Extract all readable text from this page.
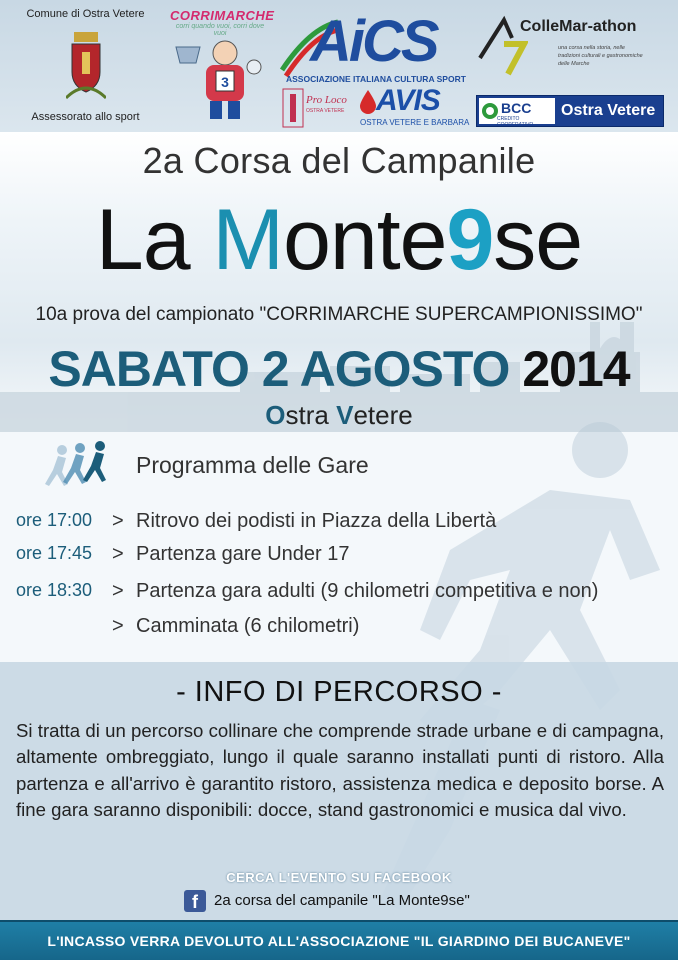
Comune di Ostra Vetere
Assessorato allo sport
CORRIMARCHE
corri quando vuoi, corri dove vuoi
3
AiCS
ASSOCIAZIONE ITALIANA CULTURA SPORT
Pro Loco
OSTRA VETERE AVIS
OSTRA VETERE E BARBARA
ColleMar-athon
una corsa nella storia, nelle tradizioni culturali e gastronomiche delle Marche
BCC
CREDITO COOPERATIVO
Ostra Vetere
2a Corsa del Campanile
La Monte9se
10a prova del campionato "CORRIMARCHE SUPERCAMPIONISSIMO"
SABATO 2 AGOSTO 2014
Ostra Vetere
Programma delle Gare
ore 17:00 > Ritrovo dei podisti in Piazza della Libertà
ore 17:45 > Partenza gare Under 17
ore 18:30 > Partenza gara adulti (9 chilometri competitiva e non)
> Camminata (6 chilometri)
- INFO DI PERCORSO -
Si tratta di un percorso collinare che comprende strade urbane e di campagna, altamente ombreggiato, lungo il quale saranno installati punti di ristoro. Alla partenza e all'arrivo è garantito ristoro, assistenza medica e deposito borse. A fine gara saranno disponibili: docce, stand gastronomici e musica dal vivo.
CERCA L'EVENTO SU FACEBOOK
f	2a corsa del campanile "La Monte9se"
L'INCASSO VERRA DEVOLUTO ALL'ASSOCIAZIONE "IL GIARDINO DEI BUCANEVE"
